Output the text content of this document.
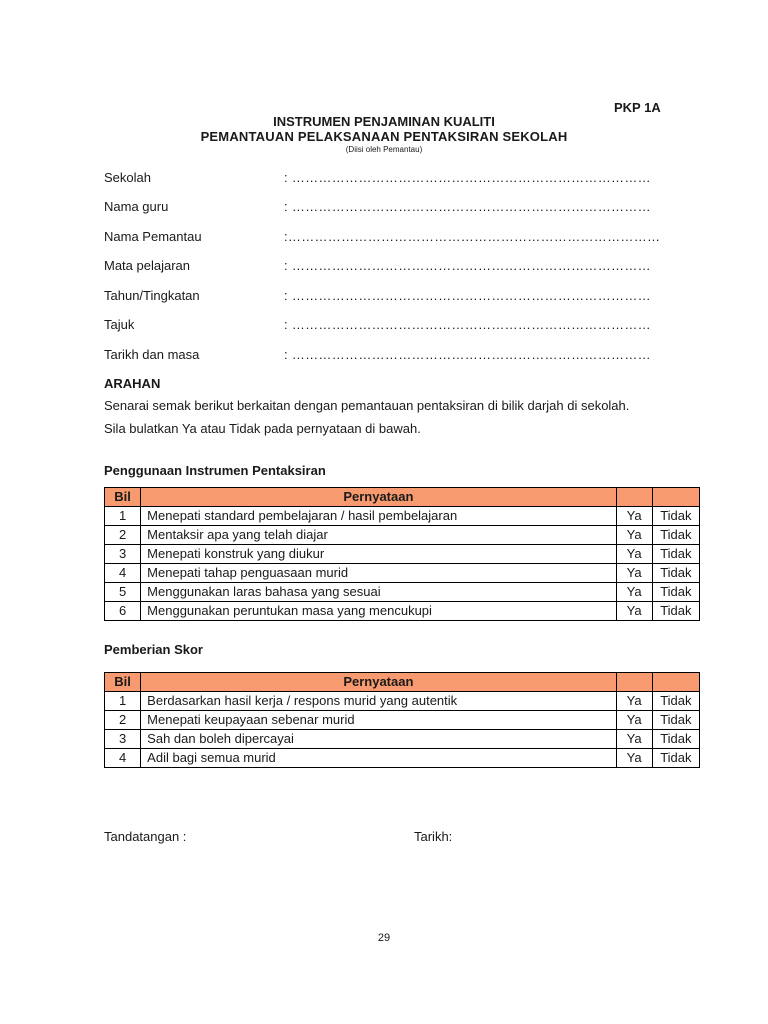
PKP 1A
INSTRUMEN PENJAMINAN KUALITI
PEMANTAUAN PELAKSANAAN PENTAKSIRAN SEKOLAH
(Diisi oleh Pemantau)
Sekolah	: ………………………………………………………………………
Nama guru	: ………………………………………………………………………
Nama Pemantau	:…………………………………………………………………………
Mata pelajaran	: ………………………………………………………………………
Tahun/Tingkatan	: ………………………………………………………………………
Tajuk	: ………………………………………………………………………
Tarikh dan masa	: ………………………………………………………………………
ARAHAN
Senarai semak berikut berkaitan dengan pemantauan pentaksiran di bilik darjah di sekolah.
Sila bulatkan Ya atau Tidak pada pernyataan di bawah.
Penggunaan Instrumen Pentaksiran
Bil	Pernyataan		
1	Menepati standard pembelajaran / hasil pembelajaran	Ya	Tidak
2	Mentaksir apa yang telah diajar	Ya	Tidak
3	Menepati konstruk yang diukur	Ya	Tidak
4	Menepati tahap penguasaan murid	Ya	Tidak
5	Menggunakan laras bahasa yang sesuai	Ya	Tidak
6	Menggunakan peruntukan masa yang mencukupi	Ya	Tidak
Pemberian Skor
Bil	Pernyataan		
1	Berdasarkan hasil kerja / respons murid yang autentik	Ya	Tidak
2	Menepati keupayaan sebenar murid	Ya	Tidak
3	Sah dan boleh dipercayai	Ya	Tidak
4	Adil bagi semua murid	Ya	Tidak
Tandatangan :	Tarikh:
29
